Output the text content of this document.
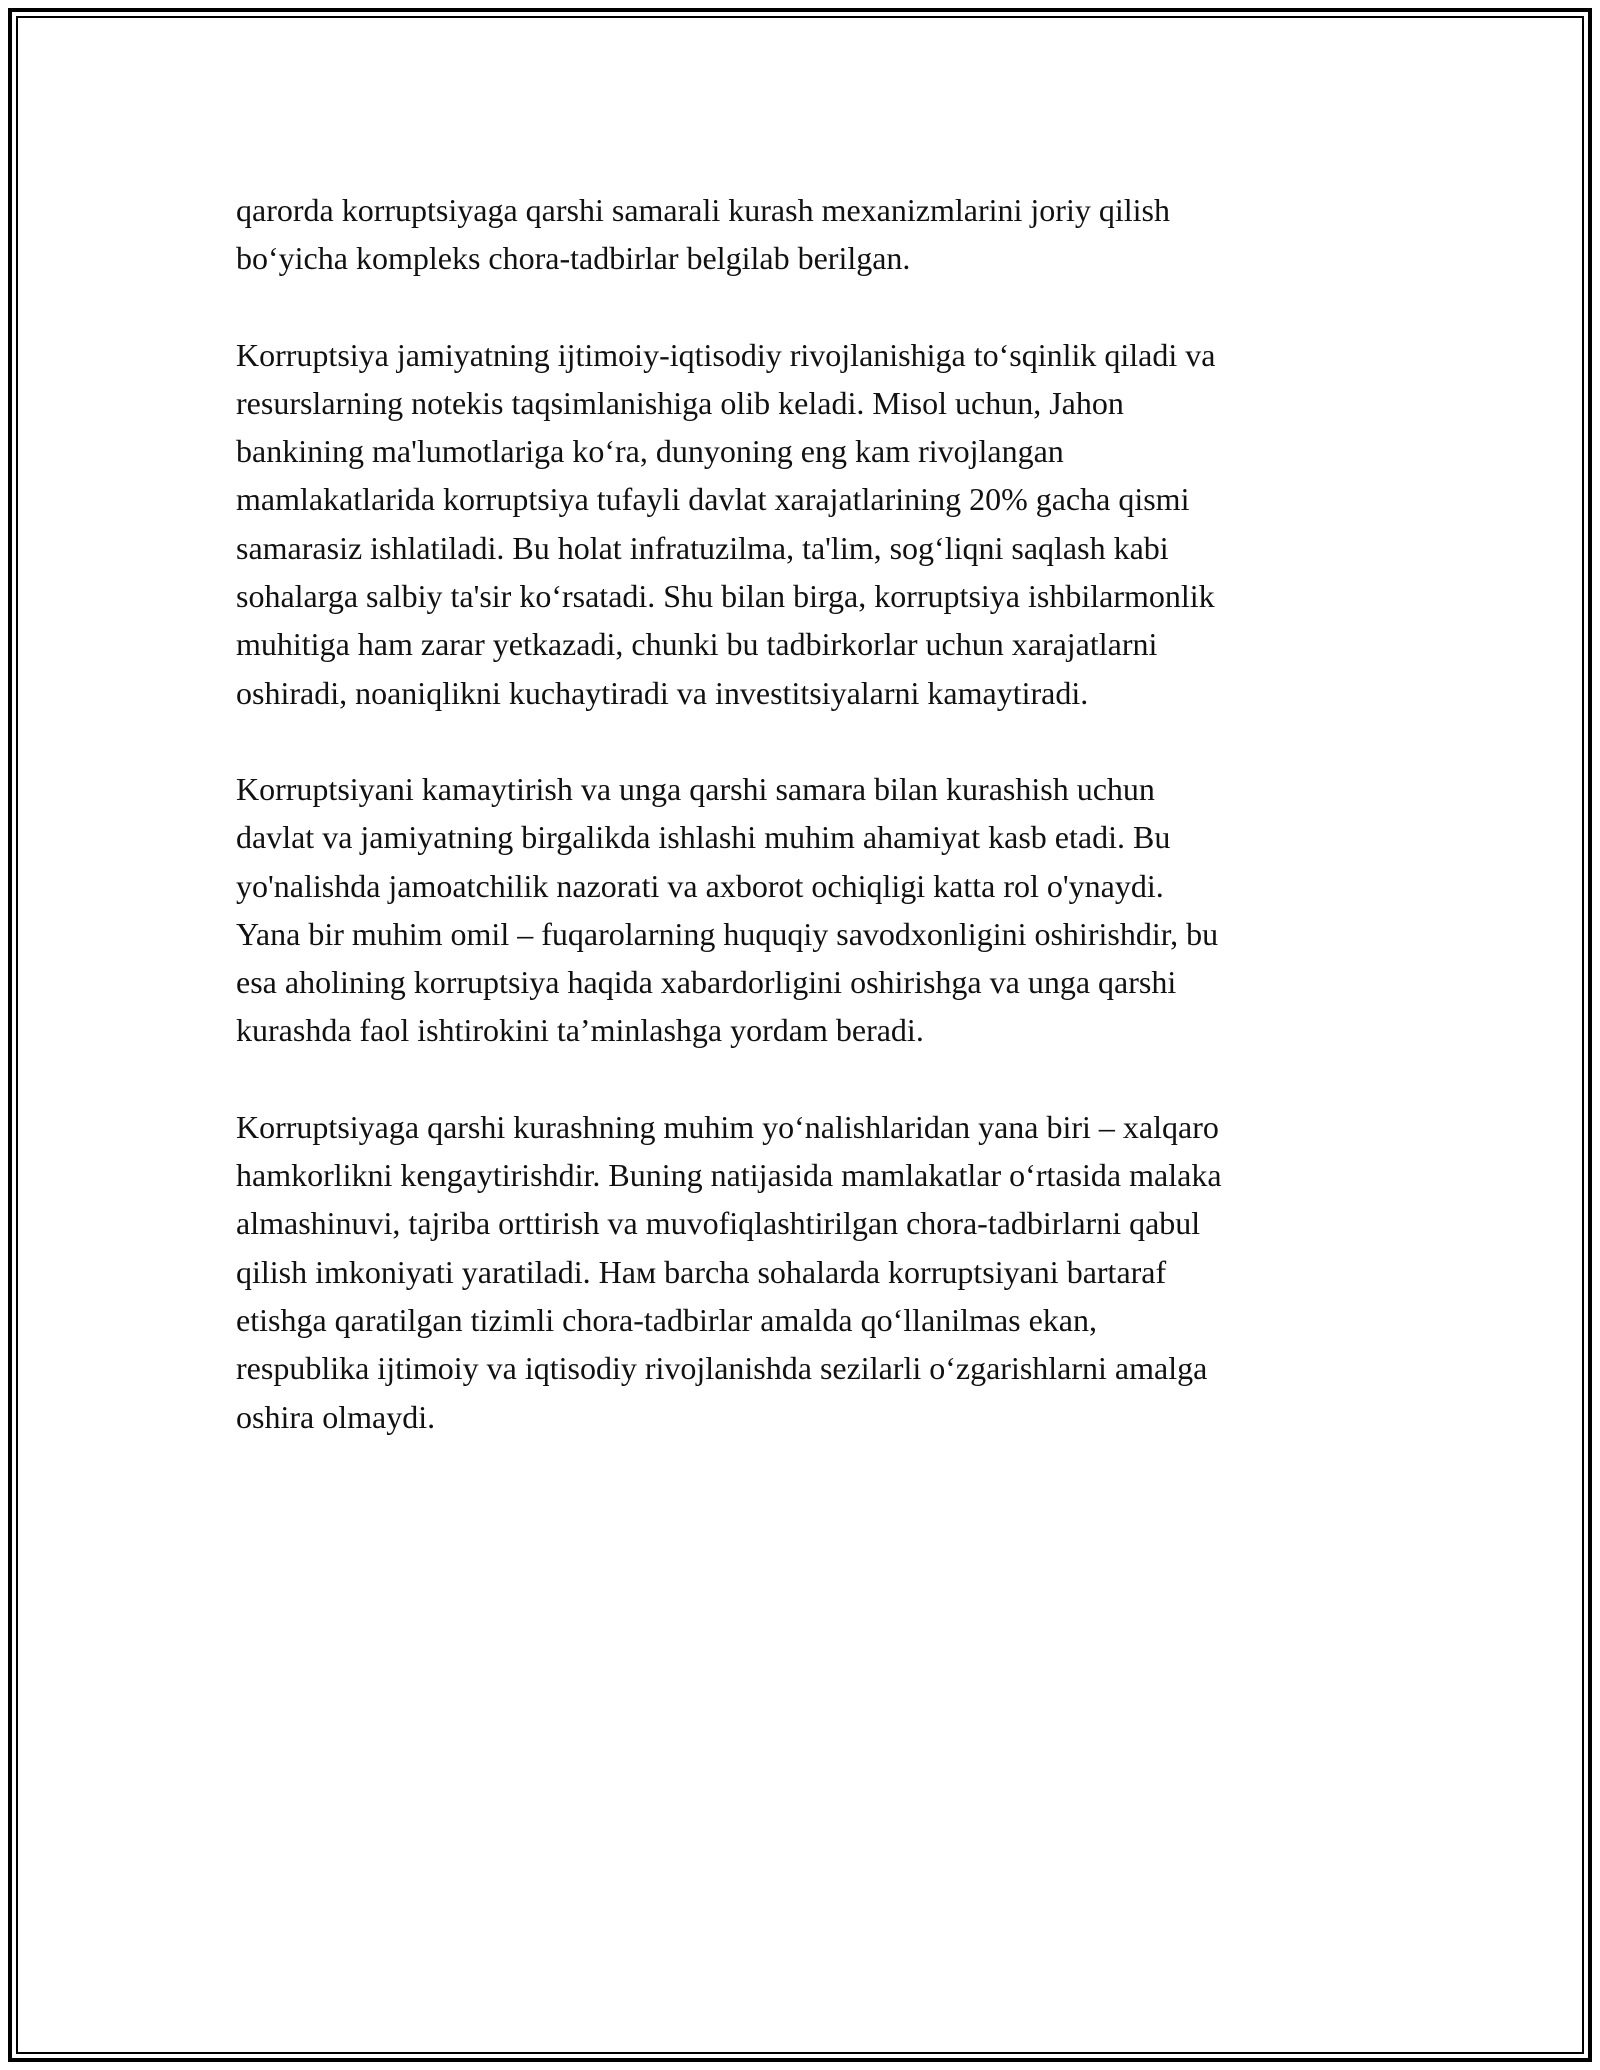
qarorda korruptsiyaga qarshi samarali kurash mexanizmlarini joriy qilish
bo‘yicha kompleks chora-tadbirlar belgilab berilgan.

Korruptsiya jamiyatning ijtimoiy-iqtisodiy rivojlanishiga to‘sqinlik qiladi va
resurslarning notekis taqsimlanishiga olib keladi. Misol uchun, Jahon
bankining ma'lumotlariga ko‘ra, dunyoning eng kam rivojlangan
mamlakatlarida korruptsiya tufayli davlat xarajatlarining 20% gacha qismi
samarasiz ishlatiladi. Bu holat infratuzilma, ta'lim, sog‘liqni saqlash kabi
sohalarga salbiy ta'sir ko‘rsatadi. Shu bilan birga, korruptsiya ishbilarmonlik
muhitiga ham zarar yetkazadi, chunki bu tadbirkorlar uchun xarajatlarni
oshiradi, noaniqlikni kuchaytiradi va investitsiyalarni kamaytiradi.

Korruptsiyani kamaytirish va unga qarshi samara bilan kurashish uchun
davlat va jamiyatning birgalikda ishlashi muhim ahamiyat kasb etadi. Bu
yo'nalishda jamoatchilik nazorati va axborot ochiqligi katta rol o'ynaydi.
Yana bir muhim omil – fuqarolarning huquqiy savodxonligini oshirishdir, bu
esa aholining korruptsiya haqida xabardorligini oshirishga va unga qarshi
kurashda faol ishtirokini ta’minlashga yordam beradi.

Korruptsiyaga qarshi kurashning muhim yo‘nalishlaridan yana biri – xalqaro
hamkorlikni kengaytirishdir. Buning natijasida mamlakatlar o‘rtasida malaka
almashinuvi, tajriba orttirish va muvofiqlashtirilgan chora-tadbirlarni qabul
qilish imkoniyati yaratiladi. Haм barcha sohalarda korruptsiyani bartaraf
etishga qaratilgan tizimli chora-tadbirlar amalda qo‘llanilmas ekan,
respublika ijtimoiy va iqtisodiy rivojlanishda sezilarli o‘zgarishlarni amalga
oshira olmaydi.
